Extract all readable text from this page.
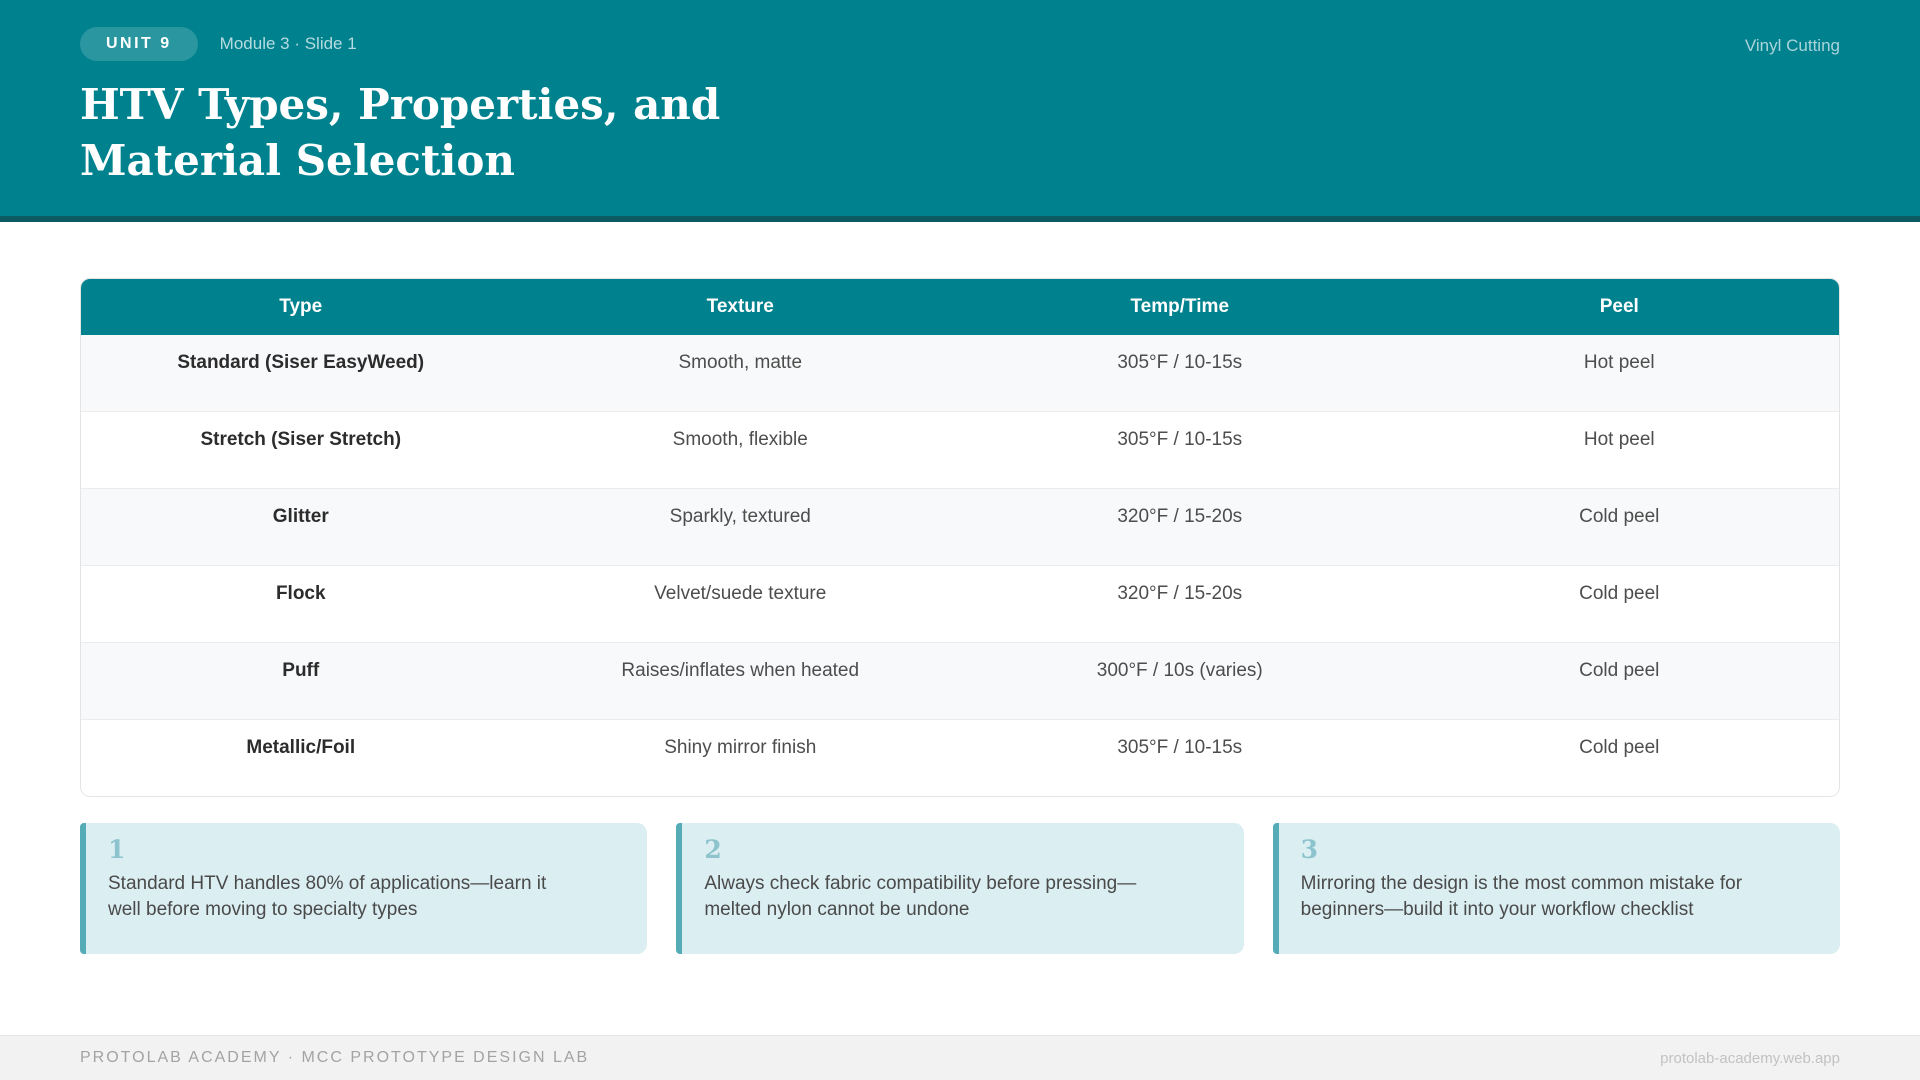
UNIT 9	Module 3 · Slide 1	Vinyl Cutting
HTV Types, Properties, and
Material Selection
Type	Texture	Temp/Time	Peel
Standard (Siser EasyWeed)	Smooth, matte	305°F / 10-15s	Hot peel
Stretch (Siser Stretch)	Smooth, flexible	305°F / 10-15s	Hot peel
Glitter	Sparkly, textured	320°F / 15-20s	Cold peel
Flock	Velvet/suede texture	320°F / 15-20s	Cold peel
Puff	Raises/inflates when heated	300°F / 10s (varies)	Cold peel
Metallic/Foil	Shiny mirror finish	305°F / 10-15s	Cold peel
1
Standard HTV handles 80% of applications—learn it well before moving to specialty types
2
Always check fabric compatibility before pressing—melted nylon cannot be undone
3
Mirroring the design is the most common mistake for beginners—build it into your workflow checklist
PROTOLAB ACADEMY · MCC PROTOTYPE DESIGN LAB	protolab-academy.web.app
